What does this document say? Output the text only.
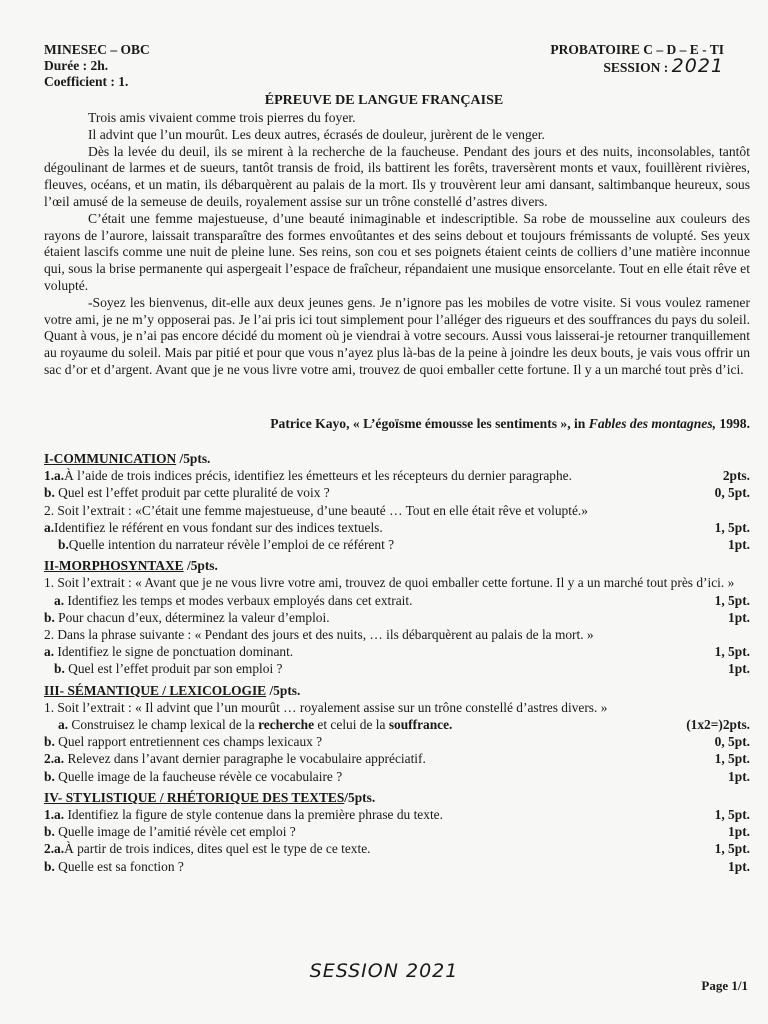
MINESEC – OBC
Durée : 2h.
Coefficient : 1.
PROBATOIRE C – D – E - TI
SESSION : 2021
ÉPREUVE DE LANGUE FRANÇAISE

Trois amis vivaient comme trois pierres du foyer.

Il advint que l’un mourût. Les deux autres, écrasés de douleur, jurèrent de le venger.

Dès la levée du deuil, ils se mirent à la recherche de la faucheuse. Pendant des jours et des nuits, inconsolables, tantôt dégoulinant de larmes et de sueurs, tantôt transis de froid, ils battirent les forêts, traversèrent monts et vaux, fouillèrent rivières, fleuves, océans, et un matin, ils débarquèrent au palais de la mort. Ils y trouvèrent leur ami dansant, saltimbanque heureux, sous l’œil amusé de la semeuse de deuils, royalement assise sur un trône constellé d’astres divers.

C’était une femme majestueuse, d’une beauté inimaginable et indescriptible. Sa robe de mousseline aux couleurs des rayons de l’aurore, laissait transparaître des formes envoûtantes et des seins debout et toujours frémissants de volupté. Ses yeux étaient lascifs comme une nuit de pleine lune. Ses reins, son cou et ses poignets étaient ceints de colliers d’une matière inconnue qui, sous la brise permanente qui aspergeait l’espace de fraîcheur, répandaient une musique ensorcelante. Tout en elle était rêve et volupté.

-Soyez les bienvenus, dit-elle aux deux jeunes gens. Je n’ignore pas les mobiles de votre visite. Si vous voulez ramener votre ami, je ne m’y opposerai pas. Je l’ai pris ici tout simplement pour l’alléger des rigueurs et des souffrances du pays du soleil. Quant à vous, je n’ai pas encore décidé du moment où je viendrai à votre secours. Aussi vous laisserai-je retourner tranquillement au royaume du soleil. Mais par pitié et pour que vous n’ayez plus là-bas de la peine à joindre les deux bouts, je vais vous offrir un sac d’or et d’argent. Avant que je ne vous livre votre ami, trouvez de quoi emballer cette fortune. Il y a un marché tout près d’ici.

Patrice Kayo, « L’égoïsme émousse les sentiments », in Fables des montagnes, 1998.
I-COMMUNICATION /5pts.
1.a.À l’aide de trois indices précis, identifiez les émetteurs et les récepteurs du dernier paragraphe.	2pts.
b. Quel est l’effet produit par cette pluralité de voix ?	0, 5pt.
2. Soit l’extrait : «C’était une femme majestueuse, d’une beauté … Tout en elle était rêve et volupté.»
a.Identifiez le référent en vous fondant sur des indices textuels.	1, 5pt.
b.Quelle intention du narrateur révèle l’emploi de ce référent ?	1pt.
II-MORPHOSYNTAXE /5pts.
1. Soit l’extrait : « Avant que je ne vous livre votre ami, trouvez de quoi emballer cette fortune. Il y a un marché tout près d’ici. »
a. Identifiez les temps et modes verbaux employés dans cet extrait.	1, 5pt.
b. Pour chacun d’eux, déterminez la valeur d’emploi.	1pt.
2. Dans la phrase suivante : « Pendant des jours et des nuits, … ils débarquèrent au palais de la mort. »
a. Identifiez le signe de ponctuation dominant.	1, 5pt.
b. Quel est l’effet produit par son emploi ?	1pt.
III- SÉMANTIQUE / LEXICOLOGIE /5pts.
1. Soit l’extrait : « Il advint que l’un mourût … royalement assise sur un trône constellé d’astres divers. »
a. Construisez le champ lexical de la recherche et celui de la souffrance.	(1x2=)2pts.
b. Quel rapport entretiennent ces champs lexicaux ?	0, 5pt.
2.a. Relevez dans l’avant dernier paragraphe le vocabulaire appréciatif.	1, 5pt.
b. Quelle image de la faucheuse révèle ce vocabulaire ?	1pt.
IV- STYLISTIQUE / RHÉTORIQUE DES TEXTES/5pts.
1.a. Identifiez la figure de style contenue dans la première phrase du texte.	1, 5pt.
b. Quelle image de l’amitié révèle cet emploi ?	1pt.
2.a.À partir de trois indices, dites quel est le type de ce texte.	1, 5pt.
b. Quelle est sa fonction ?	1pt.
SESSION 2021
Page 1/1
